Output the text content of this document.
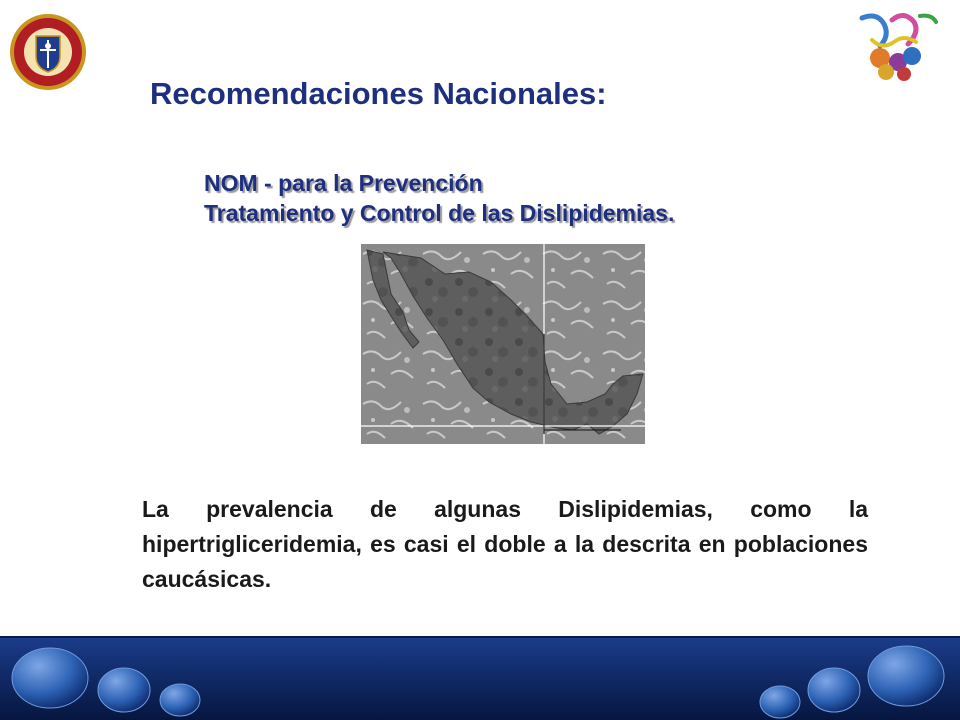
Recomendaciones Nacionales:
NOM - para la Prevención
Tratamiento y Control de las Dislipidemias.

La prevalencia de algunas Dislipidemias, como la hipertrigliceridemia, es casi el doble a la descrita en poblaciones caucásicas.
